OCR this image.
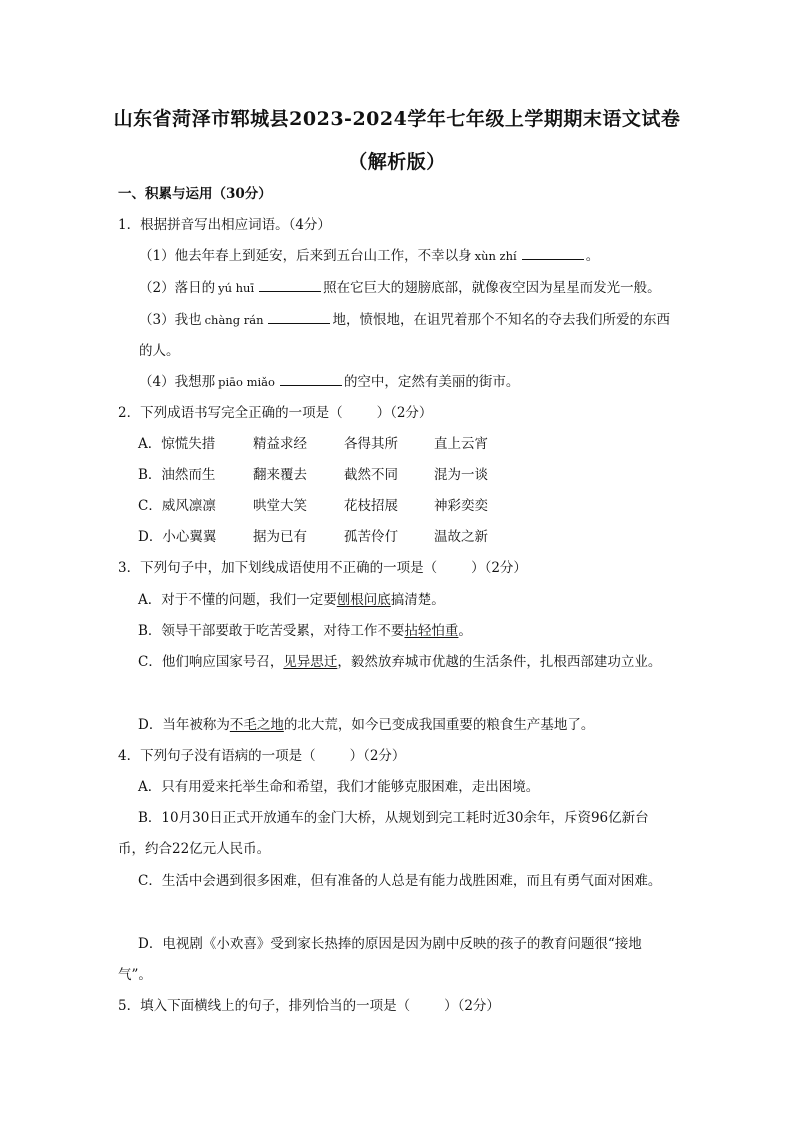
山东省菏泽市郓城县2023-2024学年七年级上学期期末语文试卷
（解析版）
一、积累与运用（30分）
1．根据拼音写出相应词语。（4分）
（1）他去年春上到延安，后来到五台山工作，不幸以身 xùn zhí	。
（2）落日的 yú huī	照在它巨大的翅膀底部，就像夜空因为星星而发光一般。
（3）我也 chàng rán	地，愤恨地，在诅咒着那个不知名的夺去我们所爱的东西
的人。
（4）我想那 piāo miǎo	的空中，定然有美丽的街市。
2．下列成语书写完全正确的一项是（	）（2分）
A．惊慌失措	精益求经	各得其所	直上云宵
B．油然而生	翻来覆去	截然不同	混为一谈
C．威风凛凛	哄堂大笑	花枝招展	神彩奕奕
D．小心翼翼	据为已有	孤苦伶仃	温故之新
3．下列句子中，加下划线成语使用不正确的一项是（	）（2分）
A．对于不懂的问题，我们一定要刨根问底搞清楚。
B．领导干部要敢于吃苦受累，对待工作不要拈轻怕重。
C．他们响应国家号召，见异思迁，毅然放弃城市优越的生活条件，扎根西部建功立业。
D．当年被称为不毛之地的北大荒，如今已变成我国重要的粮食生产基地了。
4．下列句子没有语病的一项是（	）（2分）
A．只有用爱来托举生命和希望，我们才能够克服困难，走出困境。
B．10月30日正式开放通车的金门大桥，从规划到完工耗时近30余年，斥资96亿新台
币，约合22亿元人民币。
C．生活中会遇到很多困难，但有准备的人总是有能力战胜困难，而且有勇气面对困难。
D．电视剧《小欢喜》受到家长热捧的原因是因为剧中反映的孩子的教育问题很“接地
气”。
5．填入下面横线上的句子，排列恰当的一项是（	）（2分）
